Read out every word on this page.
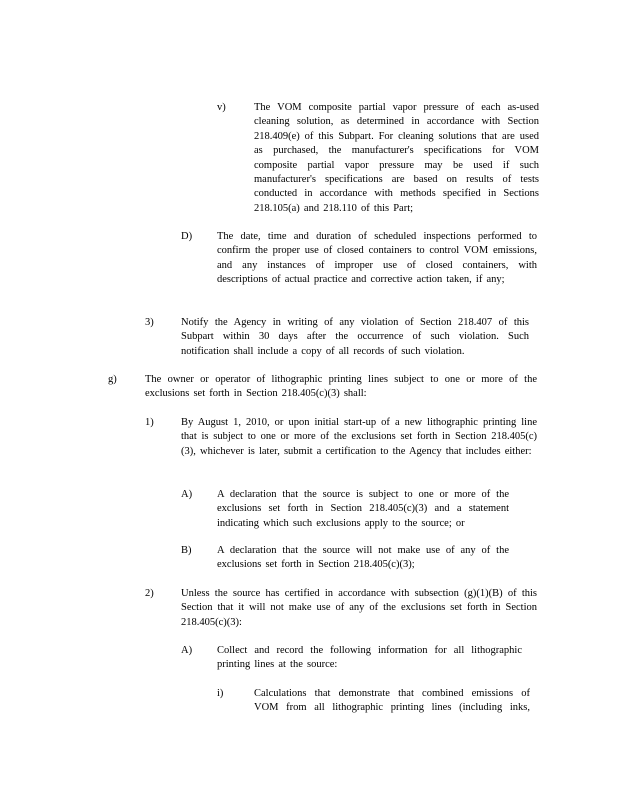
v)	The VOM composite partial vapor pressure of each as-used cleaning solution, as determined in accordance with Section 218.409(e) of this Subpart. For cleaning solutions that are used as purchased, the manufacturer's specifications for VOM composite partial vapor pressure may be used if such manufacturer's specifications are based on results of tests conducted in accordance with methods specified in Sections 218.105(a) and 218.110 of this Part;
D) The date, time and duration of scheduled inspections performed to confirm the proper use of closed containers to control VOM emissions, and any instances of improper use of closed containers, with descriptions of actual practice and corrective action taken, if any;
3)	Notify the Agency in writing of any violation of Section 218.407 of this Subpart within 30 days after the occurrence of such violation. Such notification shall include a copy of all records of such violation.
g)	The owner or operator of lithographic printing lines subject to one or more of the exclusions set forth in Section 218.405(c)(3) shall:
1)	By August 1, 2010, or upon initial start-up of a new lithographic printing line that is subject to one or more of the exclusions set forth in Section 218.405(c)(3), whichever is later, submit a certification to the Agency that includes either:
A) A declaration that the source is subject to one or more of the exclusions set forth in Section 218.405(c)(3) and a statement indicating which such exclusions apply to the source; or
B) A declaration that the source will not make use of any of the exclusions set forth in Section 218.405(c)(3);
2)	Unless the source has certified in accordance with subsection (g)(1)(B) of this Section that it will not make use of any of the exclusions set forth in Section 218.405(c)(3):
A) Collect and record the following information for all lithographic printing lines at the source:
i)	Calculations that demonstrate that combined emissions of VOM from all lithographic printing lines (including inks,
